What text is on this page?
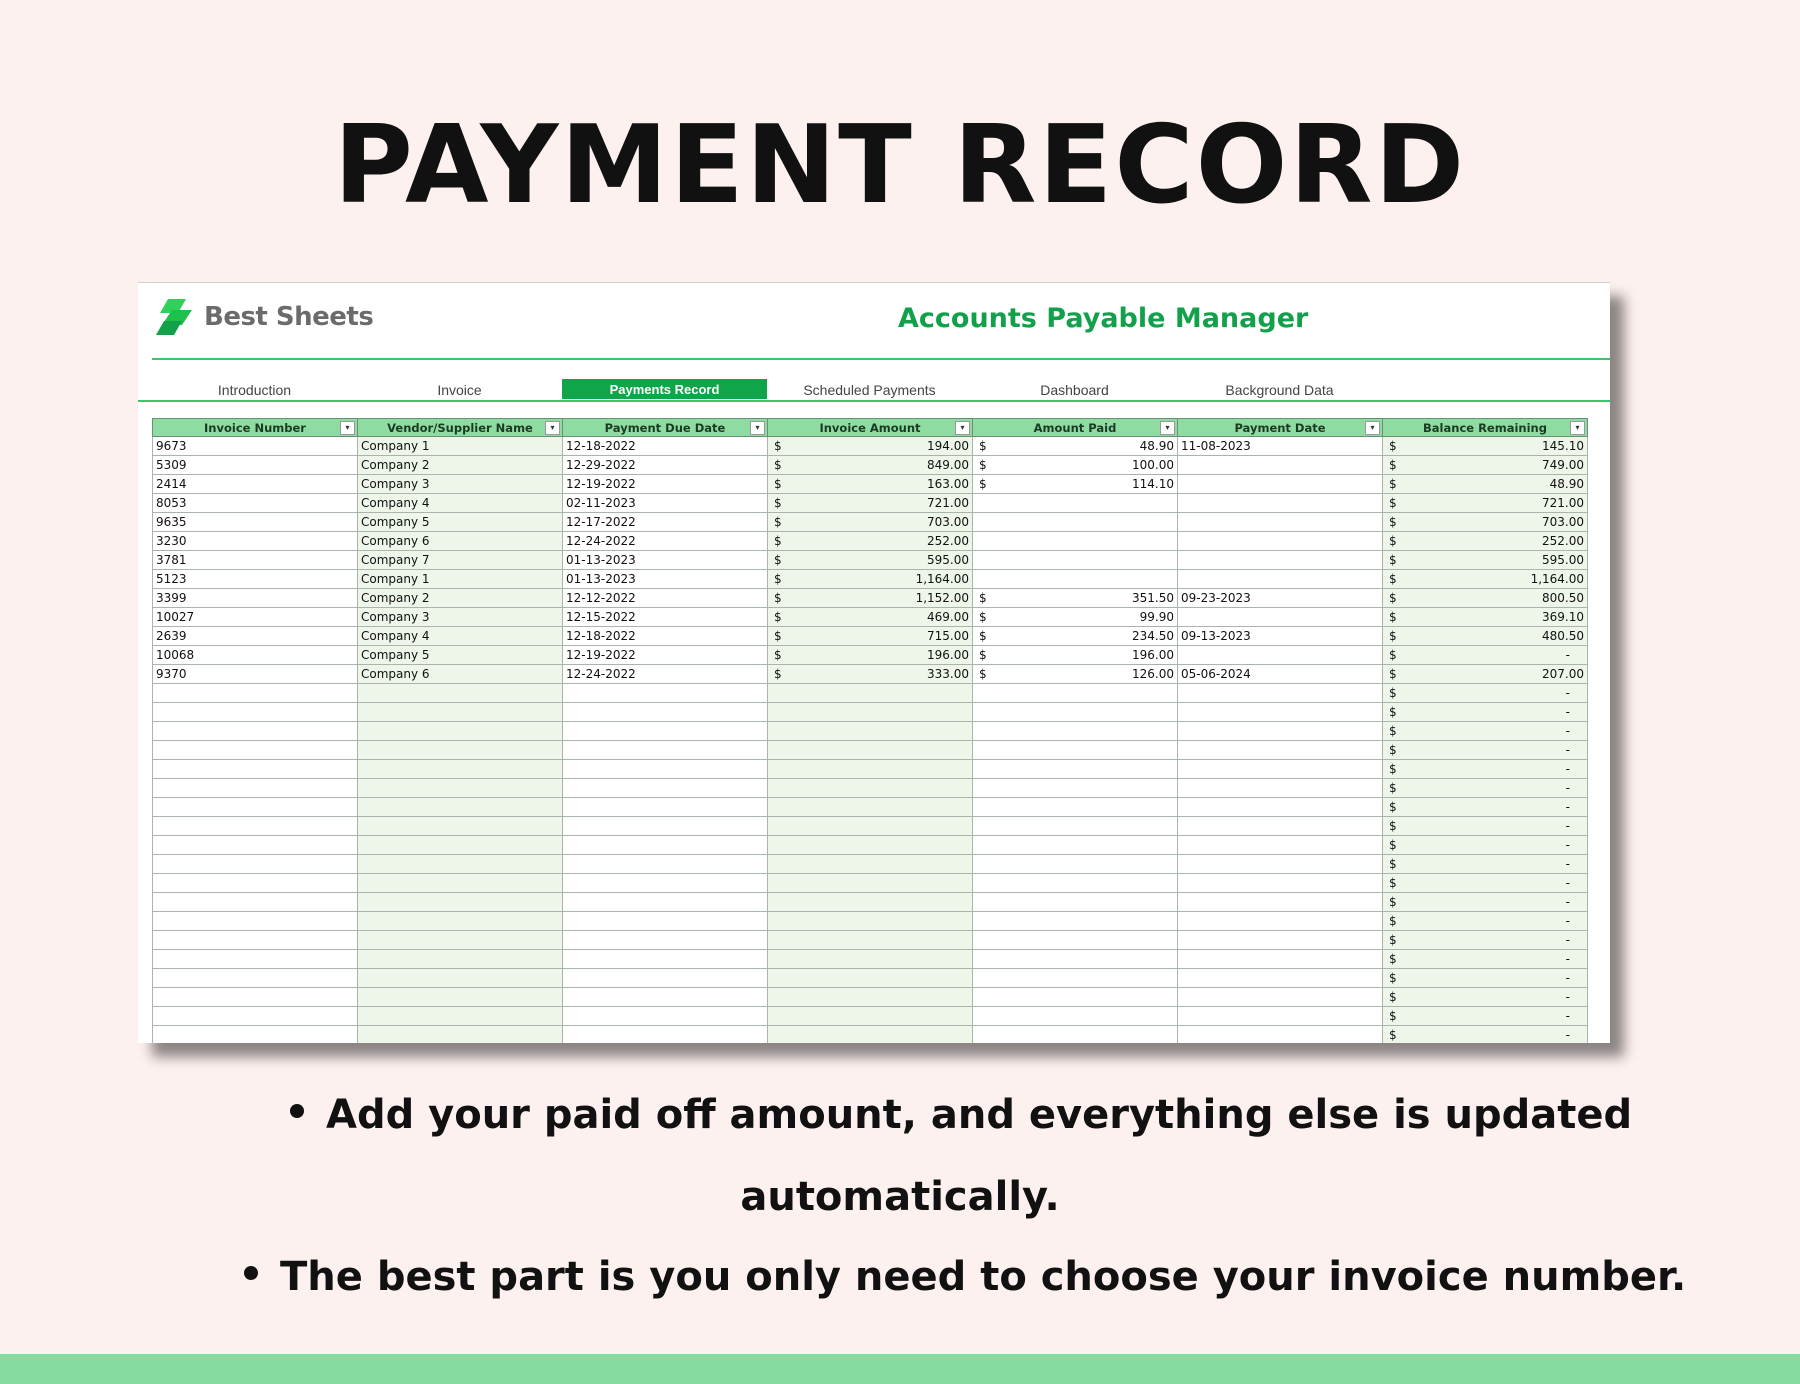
PAYMENT RECORD
Best Sheets	Accounts Payable Manager
Introduction	Invoice	Payments Record	Scheduled Payments	Dashboard	Background Data
Invoice Number ▾	Vendor/Supplier Name ▾	Payment Due Date ▾	Invoice Amount ▾	Amount Paid ▾	Payment Date ▾	Balance Remaining ▾

9673	Company 1	12-18-2022	$ 194.00	$ 48.90	11-08-2023	$ 145.10

5309	Company 2	12-29-2022	$ 849.00	$ 100.00		$ 749.00

2414	Company 3	12-19-2022	$ 163.00	$ 114.10		$ 48.90

8053	Company 4	02-11-2023	$ 721.00			$ 721.00

9635	Company 5	12-17-2022	$ 703.00			$ 703.00

3230	Company 6	12-24-2022	$ 252.00			$ 252.00

3781	Company 7	01-13-2023	$ 595.00			$ 595.00

5123	Company 1	01-13-2023	$ 1,164.00			$ 1,164.00

3399	Company 2	12-12-2022	$ 1,152.00	$ 351.50	09-23-2023	$ 800.50

10027	Company 3	12-15-2022	$ 469.00	$ 99.90		$ 369.10

2639	Company 4	12-18-2022	$ 715.00	$ 234.50	09-13-2023	$ 480.50

10068	Company 5	12-19-2022	$ 196.00	$ 196.00		$ -

9370	Company 6	12-24-2022	$ 333.00	$ 126.00	05-06-2024	$ 207.00

						$ -

						$ -

						$ -

						$ -

						$ -

						$ -

						$ -

						$ -

						$ -

						$ -

						$ -

						$ -

						$ -

						$ -

						$ -

						$ -

						$ -

						$ -

						$ -
Add your paid off amount, and everything else is updated
automatically.
The best part is you only need to choose your invoice number.
